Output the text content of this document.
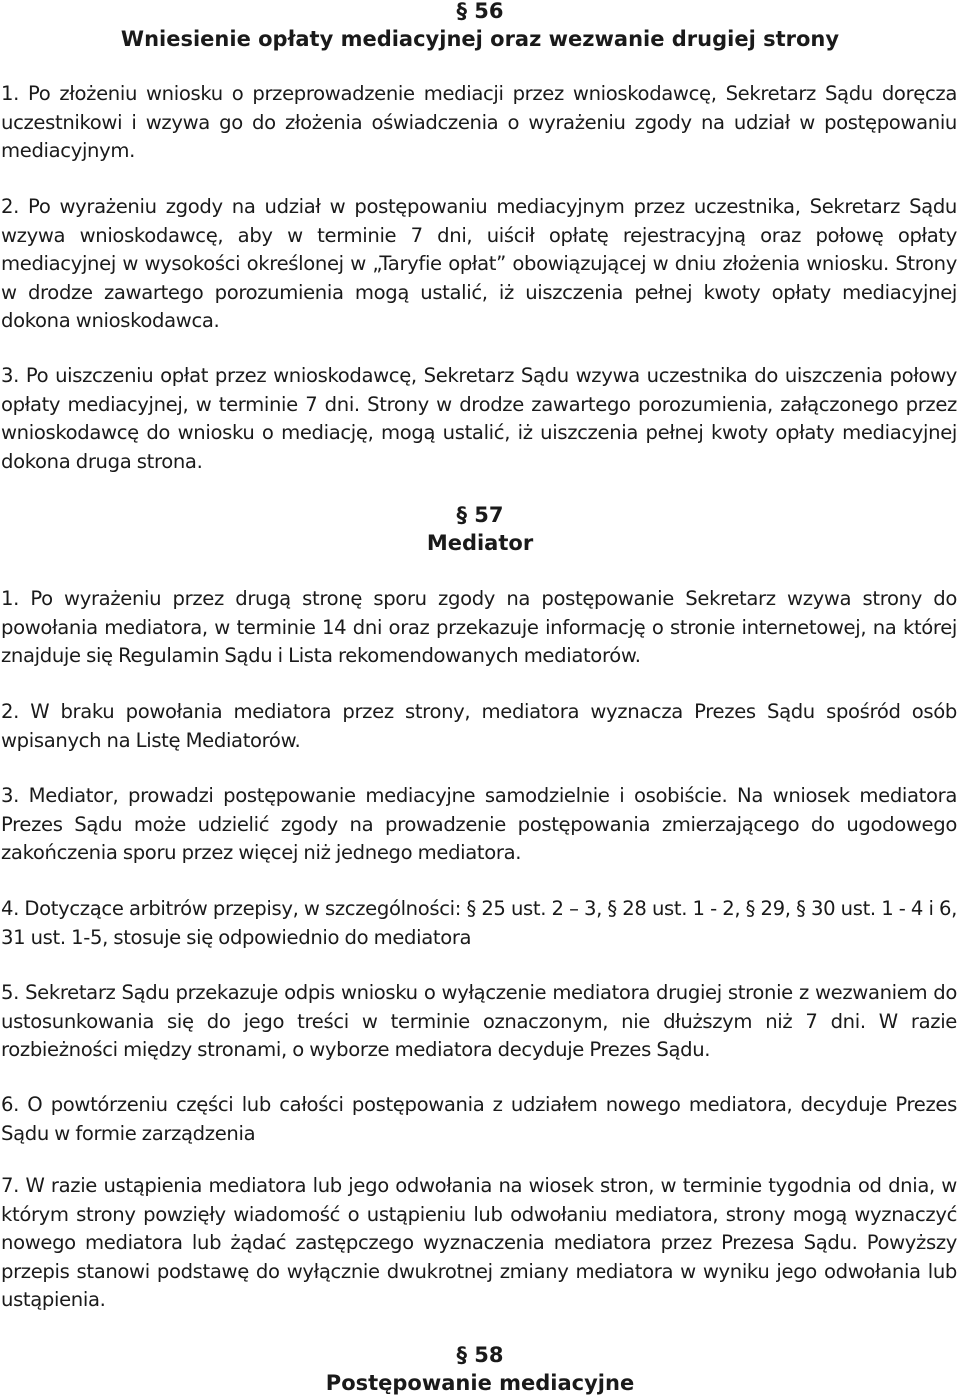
§ 56
Wniesienie opłaty mediacyjnej oraz wezwanie drugiej strony
1. Po złożeniu wniosku o przeprowadzenie mediacji przez wnioskodawcę, Sekretarz Sądu doręcza uczestnikowi i wzywa go do złożenia oświadczenia o wyrażeniu zgody na udział w postępowaniu mediacyjnym.
2. Po wyrażeniu zgody na udział w postępowaniu mediacyjnym przez uczestnika, Sekretarz Sądu wzywa wnioskodawcę, aby w terminie 7 dni, uiścił opłatę rejestracyjną oraz połowę opłaty mediacyjnej w wysokości określonej w „Taryfie opłat” obowiązującej w dniu złożenia wniosku. Strony w drodze zawartego porozumienia mogą ustalić, iż uiszczenia pełnej kwoty opłaty mediacyjnej dokona wnioskodawca.
3. Po uiszczeniu opłat przez wnioskodawcę, Sekretarz Sądu wzywa uczestnika do uiszczenia połowy opłaty mediacyjnej, w terminie 7 dni. Strony w drodze zawartego porozumienia, załączonego przez wnioskodawcę do wniosku o mediację, mogą ustalić, iż uiszczenia pełnej kwoty opłaty mediacyjnej dokona druga strona.
§ 57
Mediator
1. Po wyrażeniu przez drugą stronę sporu zgody na postępowanie Sekretarz wzywa strony do powołania mediatora, w terminie 14 dni oraz przekazuje informację o stronie internetowej, na której znajduje się Regulamin Sądu i Lista rekomendowanych mediatorów.
2. W braku powołania mediatora przez strony, mediatora wyznacza Prezes Sądu spośród osób wpisanych na Listę Mediatorów.
3. Mediator, prowadzi postępowanie mediacyjne samodzielnie i osobiście. Na wniosek mediatora Prezes Sądu może udzielić zgody na prowadzenie postępowania zmierzającego do ugodowego zakończenia sporu przez więcej niż jednego mediatora.
4. Dotyczące arbitrów przepisy, w szczególności: § 25 ust. 2 – 3, § 28 ust. 1 - 2, § 29, § 30 ust. 1 - 4 i 6, 31 ust. 1-5, stosuje się odpowiednio do mediatora
5. Sekretarz Sądu przekazuje odpis wniosku o wyłączenie mediatora drugiej stronie z wezwaniem do ustosunkowania się do jego treści w terminie oznaczonym, nie dłuższym niż 7 dni. W razie rozbieżności między stronami, o wyborze mediatora decyduje Prezes Sądu.
6. O powtórzeniu części lub całości postępowania z udziałem nowego mediatora, decyduje Prezes Sądu w formie zarządzenia
7. W razie ustąpienia mediatora lub jego odwołania na wiosek stron, w terminie tygodnia od dnia, w którym strony powzięły wiadomość o ustąpieniu lub odwołaniu mediatora, strony mogą wyznaczyć nowego mediatora lub żądać zastępczego wyznaczenia mediatora przez Prezesa Sądu. Powyższy przepis stanowi podstawę do wyłącznie dwukrotnej zmiany mediatora w wyniku jego odwołania lub ustąpienia.
§ 58
Postępowanie mediacyjne
